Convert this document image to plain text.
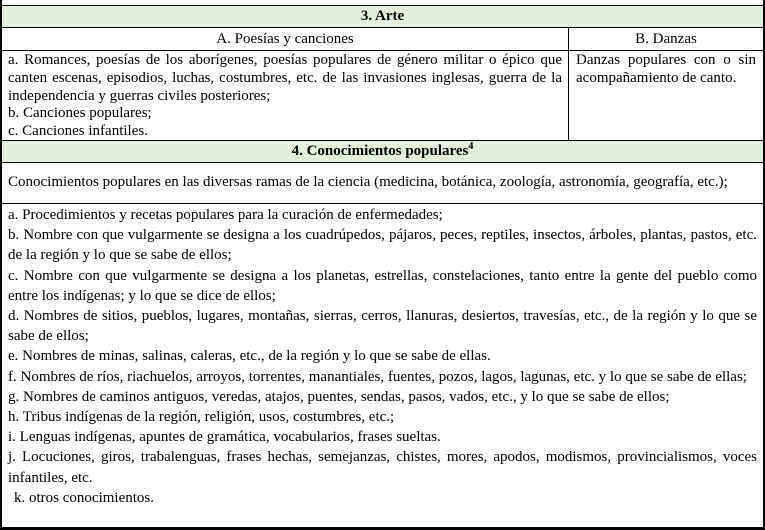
3. Arte
A. Poesías y canciones	B. Danzas

a. Romances, poesías de los aborígenes, poesías populares de género militar o épico que canten escenas, episodios, luchas, costumbres, etc. de las invasiones inglesas, guerra de la independencia y guerras civiles posteriores;

b. Canciones populares;

c. Canciones infantiles.

Danzas populares con o sin acompañamiento de canto.

4. Conocimientos populares$^4$

Conocimientos populares en las diversas ramas de la ciencia (medicina, botánica, zoología, astronomía, geografía, etc.);

a. Procedimientos y recetas populares para la curación de enfermedades;

b. Nombre con que vulgarmente se designa a los cuadrúpedos, pájaros, peces, reptiles, insectos, árboles, plantas, pastos, etc. de la región y lo que se sabe de ellos;

c. Nombre con que vulgarmente se designa a los planetas, estrellas, constelaciones, tanto entre la gente del pueblo como entre los indígenas; y lo que se dice de ellos;

d. Nombres de sitios, pueblos, lugares, montañas, sierras, cerros, llanuras, desiertos, travesías, etc., de la región y lo que se sabe de ellos;

e. Nombres de minas, salinas, caleras, etc., de la región y lo que se sabe de ellas.

f. Nombres de ríos, riachuelos, arroyos, torrentes, manantiales, fuentes, pozos, lagos, lagunas, etc. y lo que se sabe de ellas;

g. Nombres de caminos antiguos, veredas, atajos, puentes, sendas, pasos, vados, etc., y lo que se sabe de ellos;

h. Tribus indígenas de la región, religión, usos, costumbres, etc.;

i. Lenguas indígenas, apuntes de gramática, vocabularios, frases sueltas.

j. Locuciones, giros, trabalenguas, frases hechas, semejanzas, chistes, mores, apodos, modismos, provincialismos, voces infantiles, etc.

k. otros conocimientos.
